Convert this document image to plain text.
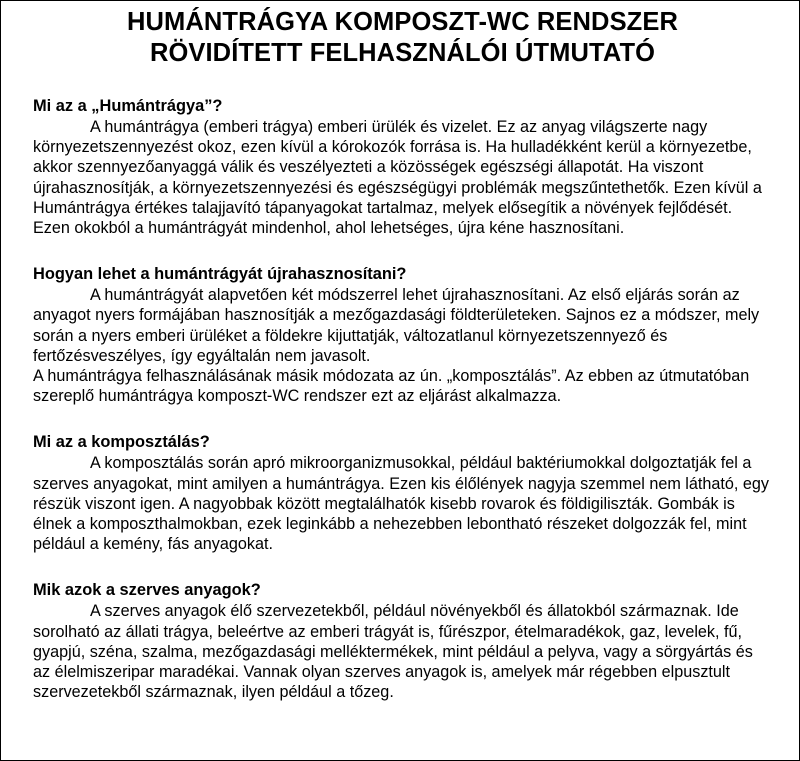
HUMÁNTRÁGYA KOMPOSZT-WC RENDSZER
RÖVIDÍTETT FELHASZNÁLÓI ÚTMUTATÓ
Mi az a „Humántrágya”?

A humántrágya (emberi trágya) emberi ürülék és vizelet. Ez az anyag világszerte nagy környezetszennyezést okoz, ezen kívül a kórokozók forrása is. Ha hulladékként kerül a környezetbe, akkor szennyezőanyaggá válik és veszélyezteti a közösségek egészségi állapotát. Ha viszont újrahasznosítják, a környezetszennyezési és egészségügyi problémák megszűntethetők. Ezen kívül a Humántrágya értékes talajjavító tápanyagokat tartalmaz, melyek elősegítik a növények fejlődését. Ezen okokból a humántrágyát mindenhol, ahol lehetséges, újra kéne hasznosítani.

Hogyan lehet a humántrágyát újrahasznosítani?

A humántrágyát alapvetően két módszerrel lehet újrahasznosítani. Az első eljárás során az anyagot nyers formájában hasznosítják a mezőgazdasági földterületeken. Sajnos ez a módszer, mely során a nyers emberi ürüléket a földekre kijuttatják, változatlanul környezetszennyező és fertőzésveszélyes, így egyáltalán nem javasolt.

A humántrágya felhasználásának másik módozata az ún. „komposztálás”. Az ebben az útmutatóban szereplő humántrágya komposzt-WC rendszer ezt az eljárást alkalmazza.

Mi az a komposztálás?

A komposztálás során apró mikroorganizmusokkal, például baktériumokkal dolgoztatják fel a szerves anyagokat, mint amilyen a humántrágya. Ezen kis élőlények nagyja szemmel nem látható, egy részük viszont igen. A nagyobbak között megtalálhatók kisebb rovarok és földigiliszták. Gombák is élnek a komposzthalmokban, ezek leginkább a nehezebben lebontható részeket dolgozzák fel, mint például a kemény, fás anyagokat.

Mik azok a szerves anyagok?

A szerves anyagok élő szervezetekből, például növényekből és állatokból származnak. Ide sorolható az állati trágya, beleértve az emberi trágyát is, fűrészpor, ételmaradékok, gaz, levelek, fű, gyapjú, széna, szalma, mezőgazdasági melléktermékek, mint például a pelyva, vagy a sörgyártás és az élelmiszeripar maradékai. Vannak olyan szerves anyagok is, amelyek már régebben elpusztult szervezetekből származnak, ilyen például a tőzeg.
